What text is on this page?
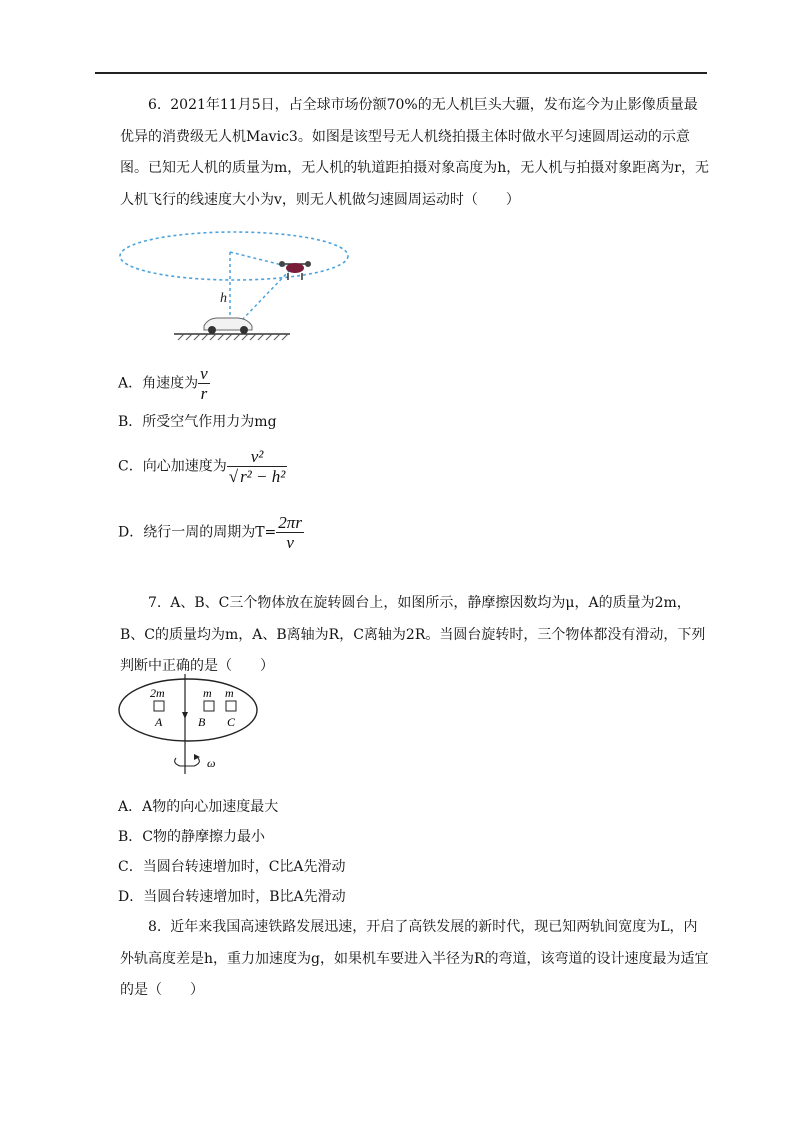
6. 2021年11月5日，占全球市场份额70%的无人机巨头大疆，发布迄今为止影像质量最优异的消费级无人机Mavic3。如图是该型号无人机绕拍摄主体时做水平匀速圆周运动的示意图。已知无人机的质量为m，无人机的轨道距拍摄对象高度为h，无人机与拍摄对象距离为r，无人机飞行的线速度大小为v，则无人机做匀速圆周运动时（　　）

h
A．角速度为 $\frac{v}{r}$
B．所受空气作用力为mg
C．向心加速度为 $\frac{\text{v²}}{\text{√ r² − h²}}$
D．绕行一周的周期为$T= \frac{2\pi r}{v}$

7. A、B、C三个物体放在旋转圆台上，如图所示，静摩擦因数均为μ，A的质量为2m，B、C的质量均为m，A、B离轴为R，C离轴为2R。当圆台旋转时，三个物体都没有滑动，下列判断中正确的是（　　）

2m	m m
A	B C
ω
A．A物的向心加速度最大
B．C物的静摩擦力最小
C．当圆台转速增加时，C比A先滑动
D．当圆台转速增加时，B比A先滑动

8. 近年来我国高速铁路发展迅速，开启了高铁发展的新时代，现已知两轨间宽度为L，内外轨高度差是h，重力加速度为g，如果机车要进入半径为R的弯道，该弯道的设计速度最为适宜的是（　　）
